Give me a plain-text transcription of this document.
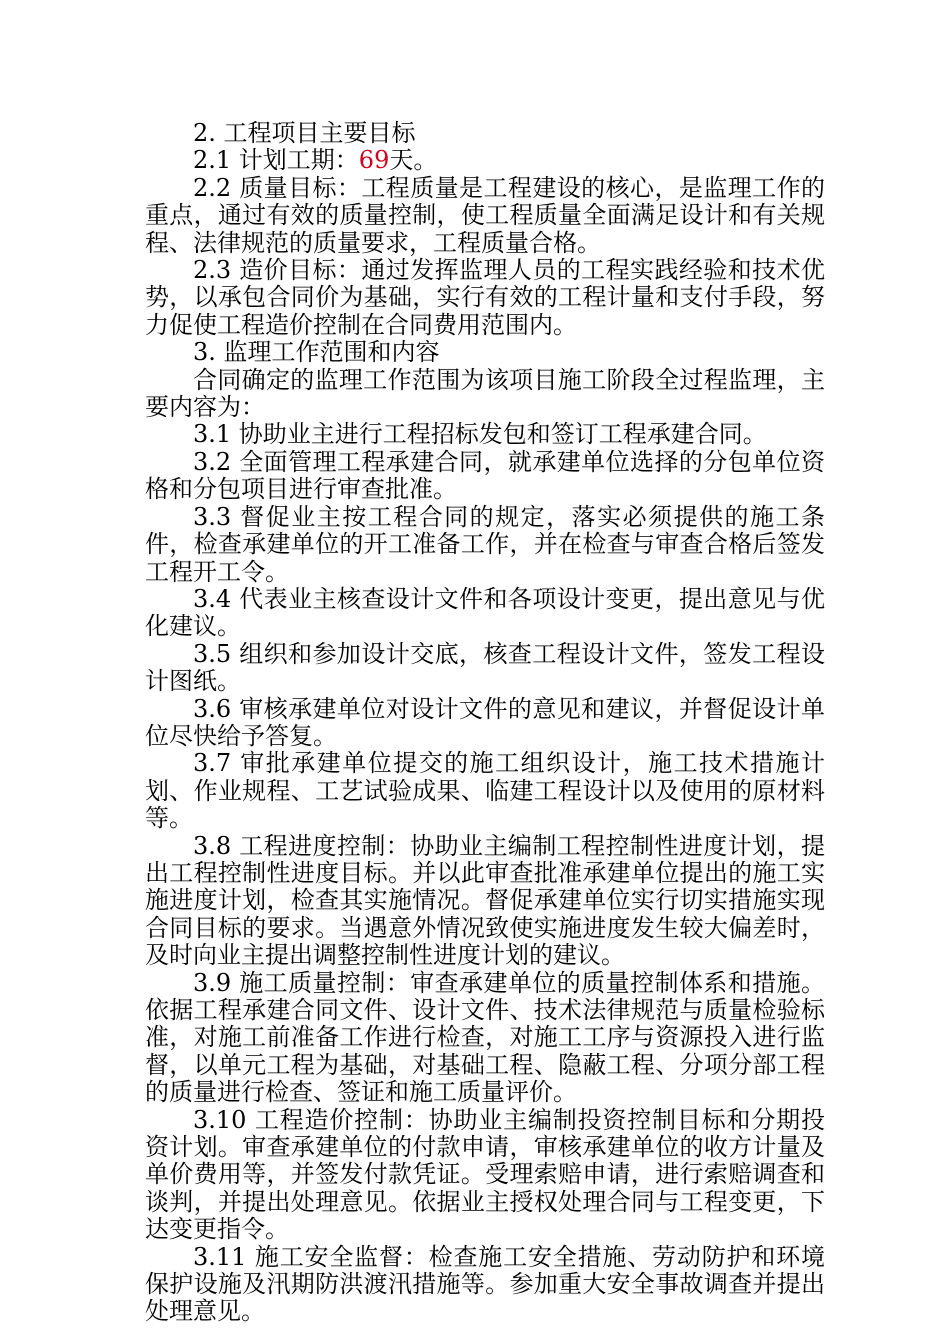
2. 工程项目主要目标

2.1 计划工期：69天。

2.2 质量目标：工程质量是工程建设的核心，是监理工作的重点，通过有效的质量控制，使工程质量全面满足设计和有关规程、法律规范的质量要求，工程质量合格。

2.3 造价目标：通过发挥监理人员的工程实践经验和技术优势，以承包合同价为基础，实行有效的工程计量和支付手段，努力促使工程造价控制在合同费用范围内。

3. 监理工作范围和内容

合同确定的监理工作范围为该项目施工阶段全过程监理，主要内容为：

3.1 协助业主进行工程招标发包和签订工程承建合同。

3.2 全面管理工程承建合同，就承建单位选择的分包单位资格和分包项目进行审查批准。

3.3 督促业主按工程合同的规定，落实必须提供的施工条件，检查承建单位的开工准备工作，并在检查与审查合格后签发工程开工令。

3.4 代表业主核查设计文件和各项设计变更，提出意见与优化建议。

3.5 组织和参加设计交底，核查工程设计文件，签发工程设计图纸。

3.6 审核承建单位对设计文件的意见和建议，并督促设计单位尽快给予答复。

3.7 审批承建单位提交的施工组织设计，施工技术措施计划、作业规程、工艺试验成果、临建工程设计以及使用的原材料等。

3.8 工程进度控制：协助业主编制工程控制性进度计划，提出工程控制性进度目标。并以此审查批准承建单位提出的施工实施进度计划，检查其实施情况。督促承建单位实行切实措施实现合同目标的要求。当遇意外情况致使实施进度发生较大偏差时，及时向业主提出调整控制性进度计划的建议。

3.9 施工质量控制：审查承建单位的质量控制体系和措施。依据工程承建合同文件、设计文件、技术法律规范与质量检验标准，对施工前准备工作进行检查，对施工工序与资源投入进行监督，以单元工程为基础，对基础工程、隐蔽工程、分项分部工程的质量进行检查、签证和施工质量评价。

3.10 工程造价控制：协助业主编制投资控制目标和分期投资计划。审查承建单位的付款申请，审核承建单位的收方计量及单价费用等，并签发付款凭证。受理索赔申请，进行索赔调查和谈判，并提出处理意见。依据业主授权处理合同与工程变更，下达变更指令。

3.11 施工安全监督：检查施工安全措施、劳动防护和环境保护设施及汛期防洪渡汛措施等。参加重大安全事故调查并提出处理意见。
